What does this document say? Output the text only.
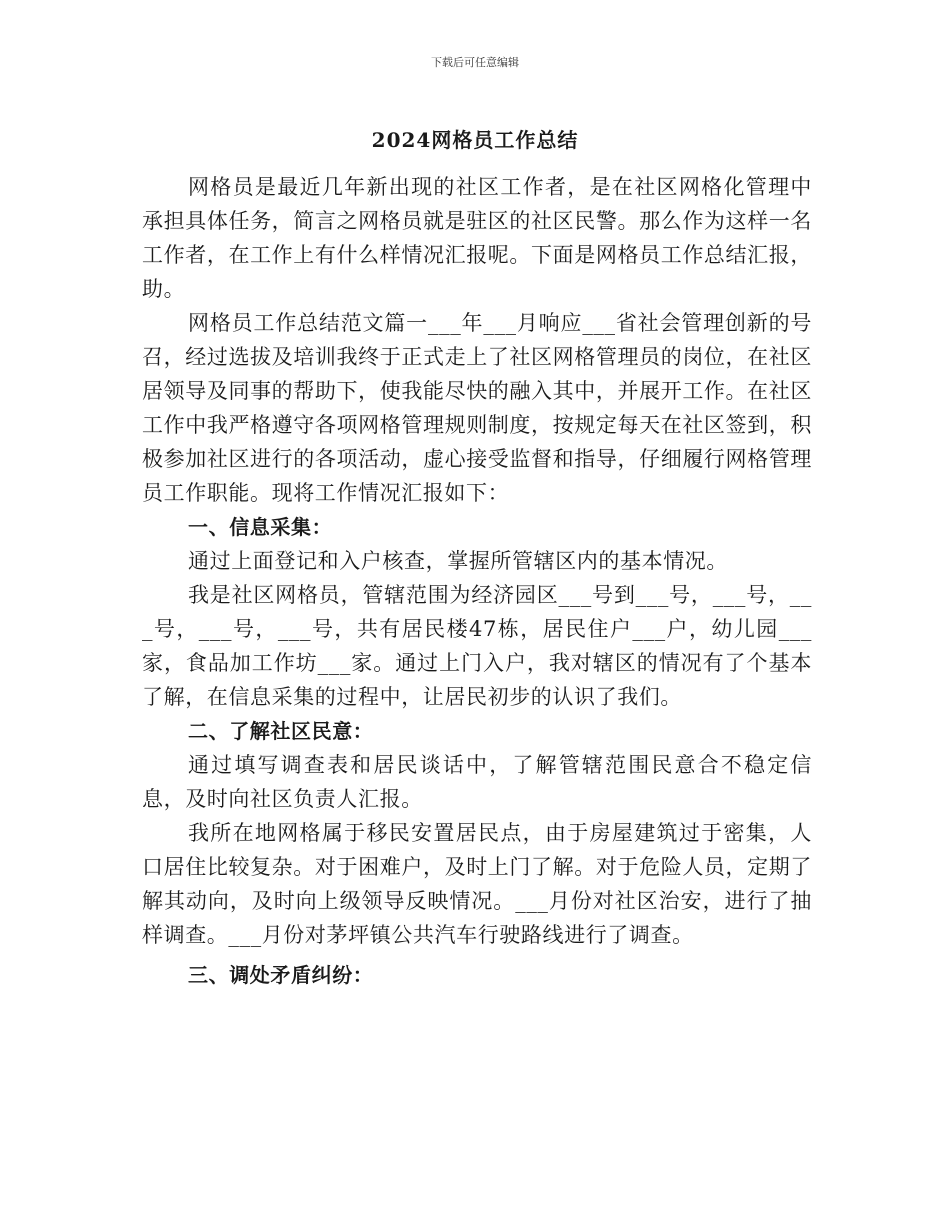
下载后可任意编辑
2024网格员工作总结

网格员是最近几年新出现的社区工作者，是在社区网格化管理中承担具体任务，简言之网格员就是驻区的社区民警。那么作为这样一名工作者，在工作上有什么样情况汇报呢。下面是网格员工作总结汇报，助。

网格员工作总结范文篇一___年___月响应___省社会管理创新的号召，经过选拔及培训我终于正式走上了社区网格管理员的岗位，在社区居领导及同事的帮助下，使我能尽快的融入其中，并展开工作。在社区工作中我严格遵守各项网格管理规则制度，按规定每天在社区签到，积极参加社区进行的各项活动，虚心接受监督和指导，仔细履行网格管理员工作职能。现将工作情况汇报如下：

一、信息采集：

通过上面登记和入户核查，掌握所管辖区内的基本情况。

我是社区网格员，管辖范围为经济园区___号到___号，___号，___号，___号，___号，共有居民楼47栋，居民住户___户，幼儿园___家，食品加工作坊___家。通过上门入户，我对辖区的情况有了个基本了解，在信息采集的过程中，让居民初步的认识了我们。

二、了解社区民意：

通过填写调查表和居民谈话中，了解管辖范围民意合不稳定信息，及时向社区负责人汇报。

我所在地网格属于移民安置居民点，由于房屋建筑过于密集，人口居住比较复杂。对于困难户，及时上门了解。对于危险人员，定期了解其动向，及时向上级领导反映情况。___月份对社区治安，进行了抽样调查。___月份对茅坪镇公共汽车行驶路线进行了调查。

三、调处矛盾纠纷：
